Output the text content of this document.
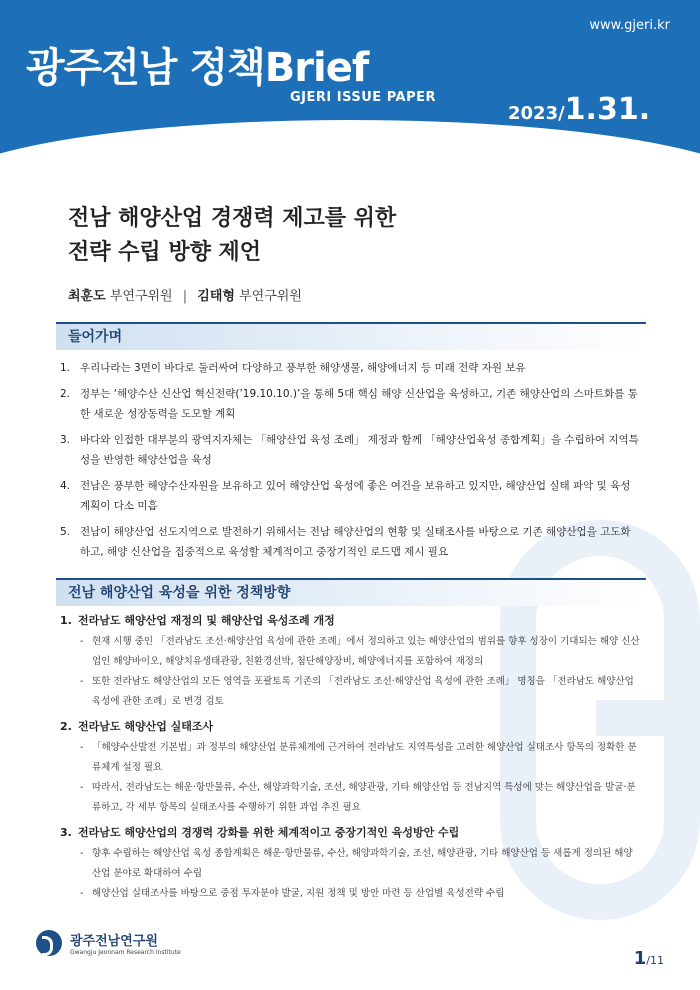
www.gjeri.kr
광주전남 정책Brief
GJERI ISSUE PAPER
2023/1.31.
GJERI POLICY BRIEF | No. 253 · 발행처 | 광주전남연구원 · 발행인 | 박재영 · 편집위원회 | 조창완, 김현철
※ 내용문의 : 최훈도(hdchoi@gjeri.kr),
김태형(kth@gjeri.kr)
전남 해양산업 경쟁력 제고를 위한
전략 수립 방향 제언
최훈도 부연구위원 | 김태형 부연구위원
들어가며
1. 우리나라는 3면이 바다로 둘러싸여 다양하고 풍부한 해양생물, 해양에너지 등 미래 전략 자원 보유
2. 정부는 ‘해양수산 신산업 혁신전략(’19.10.10.)’을 통해 5대 핵심 해양 신산업을 육성하고, 기존 해양산업의 스마트화를 통한 새로운 성장동력을 도모할 계획
3. 바다와 인접한 대부분의 광역지자체는 「해양산업 육성 조례」 제정과 함께 「해양산업육성 종합계획」을 수립하여 지역특성을 반영한 해양산업을 육성
4. 전남은 풍부한 해양수산자원을 보유하고 있어 해양산업 육성에 좋은 여건을 보유하고 있지만, 해양산업 실태 파악 및 육성계획이 다소 미흡
5. 전남이 해양산업 선도지역으로 발전하기 위해서는 전남 해양산업의 현황 및 실태조사를 바탕으로 기존 해양산업을 고도화하고, 해양 신산업을 집중적으로 육성할 체계적이고 중장기적인 로드맵 제시 필요
전남 해양산업 육성을 위한 정책방향
1. 전라남도 해양산업 재정의 및 해양산업 육성조례 개정
- 현재 시행 중인 「전라남도 조선·해양산업 육성에 관한 조례」에서 정의하고 있는 해양산업의 범위를 향후 성장이 기대되는 해양 신산업인 해양바이오, 해양치유생태관광, 친환경선박, 첨단해양장비, 해양에너지를 포함하여 재정의
- 또한 전라남도 해양산업의 모든 영역을 포괄토록 기존의 「전라남도 조선·해양산업 육성에 관한 조례」 명칭을 「전라남도 해양산업 육성에 관한 조례」로 변경 검토
2. 전라남도 해양산업 실태조사
- 「해양수산발전 기본법」과 정부의 해양산업 분류체계에 근거하여 전라남도 지역특성을 고려한 해양산업 실태조사 항목의 정확한 분류체계 설정 필요
- 따라서, 전라남도는 해운·항만물류, 수산, 해양과학기술, 조선, 해양관광, 기타 해양산업 등 전남지역 특성에 맞는 해양산업을 발굴·분류하고, 각 세부 항목의 실태조사를 수행하기 위한 과업 추진 필요
3. 전라남도 해양산업의 경쟁력 강화를 위한 체계적이고 중장기적인 육성방안 수립
- 향후 수립하는 해양산업 육성 종합계획은 해운·항만물류, 수산, 해양과학기술, 조선, 해양관광, 기타 해양산업 등 새롭게 정의된 해양산업 분야로 확대하여 수립
- 해양산업 실태조사를 바탕으로 중점 투자분야 발굴, 지원 정책 및 방안 마련 등 산업별 육성전략 수립
광주전남연구원
Gwangju Jeonnam Research Institute	1/11
